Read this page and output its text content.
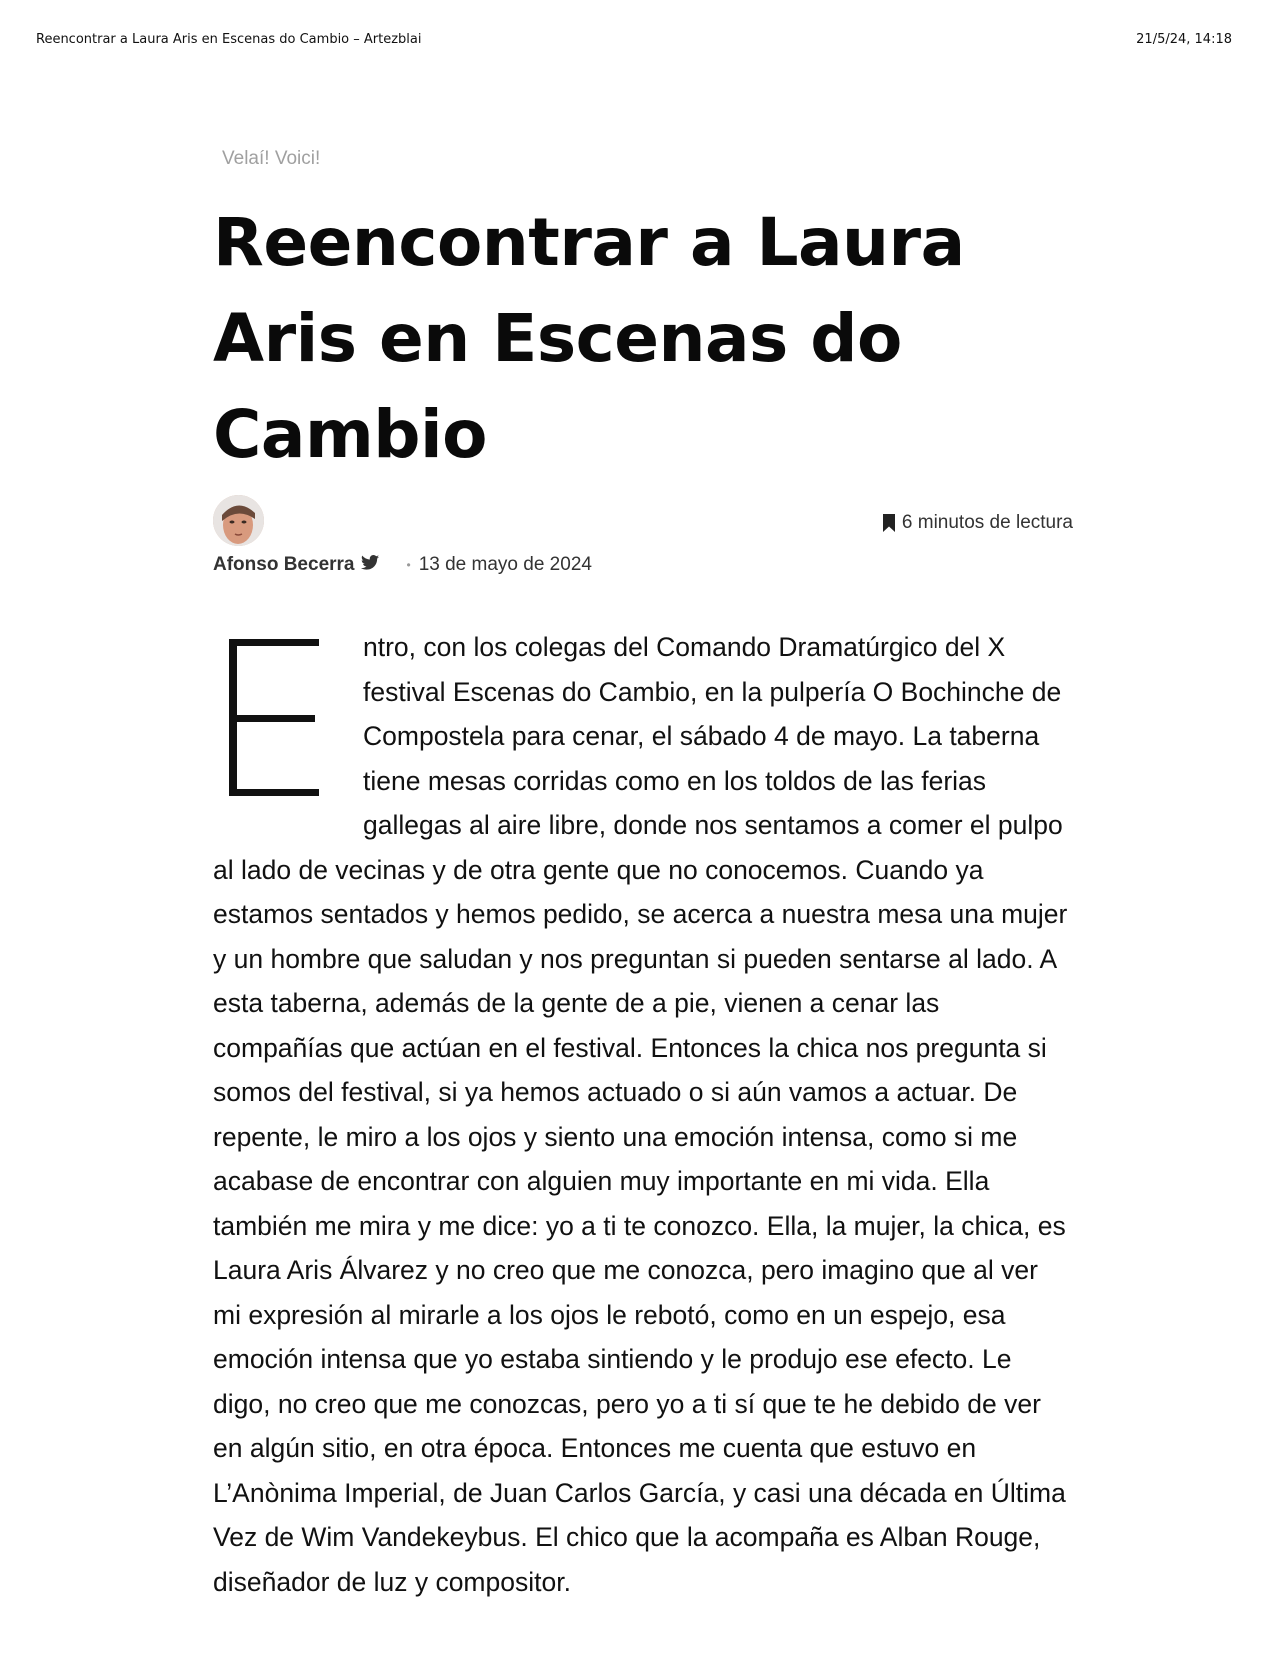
Reencontrar a Laura Aris en Escenas do Cambio – Artezblai	21/5/24, 14:18
Velaí! Voici!
Reencontrar a Laura Aris en Escenas do Cambio
6 minutos de lectura
Afonso Becerra	• 13 de mayo de 2024

ntro, con los colegas del Comando Dramatúrgico del X festival Escenas do Cambio, en la pulpería O Bochinche de Compostela para cenar, el sábado 4 de mayo. La taberna tiene mesas corridas como en los toldos de las ferias gallegas al aire libre, donde nos sentamos a comer el pulpo al lado de vecinas y de otra gente que no conocemos. Cuando ya estamos sentados y hemos pedido, se acerca a nuestra mesa una mujer y un hombre que saludan y nos preguntan si pueden sentarse al lado. A esta taberna, además de la gente de a pie, vienen a cenar las compañías que actúan en el festival. Entonces la chica nos pregunta si somos del festival, si ya hemos actuado o si aún vamos a actuar. De repente, le miro a los ojos y siento una emoción intensa, como si me acabase de encontrar con alguien muy importante en mi vida. Ella también me mira y me dice: yo a ti te conozco. Ella, la mujer, la chica, es Laura Aris Álvarez y no creo que me conozca, pero imagino que al ver mi expresión al mirarle a los ojos le rebotó, como en un espejo, esa emoción intensa que yo estaba sintiendo y le produjo ese efecto. Le digo, no creo que me conozcas, pero yo a ti sí que te he debido de ver en algún sitio, en otra época. Entonces me cuenta que estuvo en L’Anònima Imperial, de Juan Carlos García, y casi una década en Última Vez de Wim Vandekeybus. El chico que la acompaña es Alban Rouge, diseñador de luz y compositor.
